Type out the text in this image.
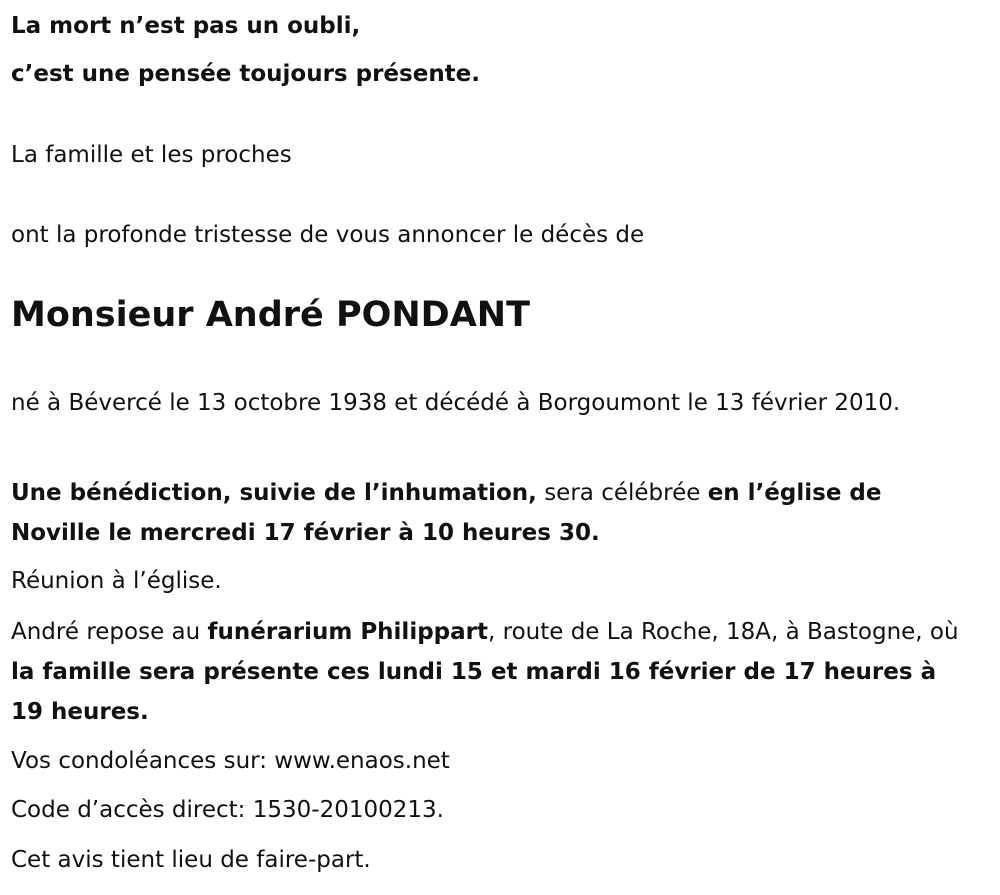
La mort n’est pas un oubli,

c’est une pensée toujours présente.

La famille et les proches

ont la profonde tristesse de vous annoncer le décès de

Monsieur André PONDANT

né à Bévercé le 13 octobre 1938 et décédé à Borgoumont le 13 février 2010.

Une bénédiction, suivie de l’inhumation, sera célébrée en l’église de Noville le mercredi 17 février à 10 heures 30.

Réunion à l’église.

André repose au funérarium Philippart, route de La Roche, 18A, à Bastogne, où la famille sera présente ces lundi 15 et mardi 16 février de 17 heures à 19 heures.

Vos condoléances sur: www.enaos.net

Code d’accès direct: 1530-20100213.

Cet avis tient lieu de faire-part.
